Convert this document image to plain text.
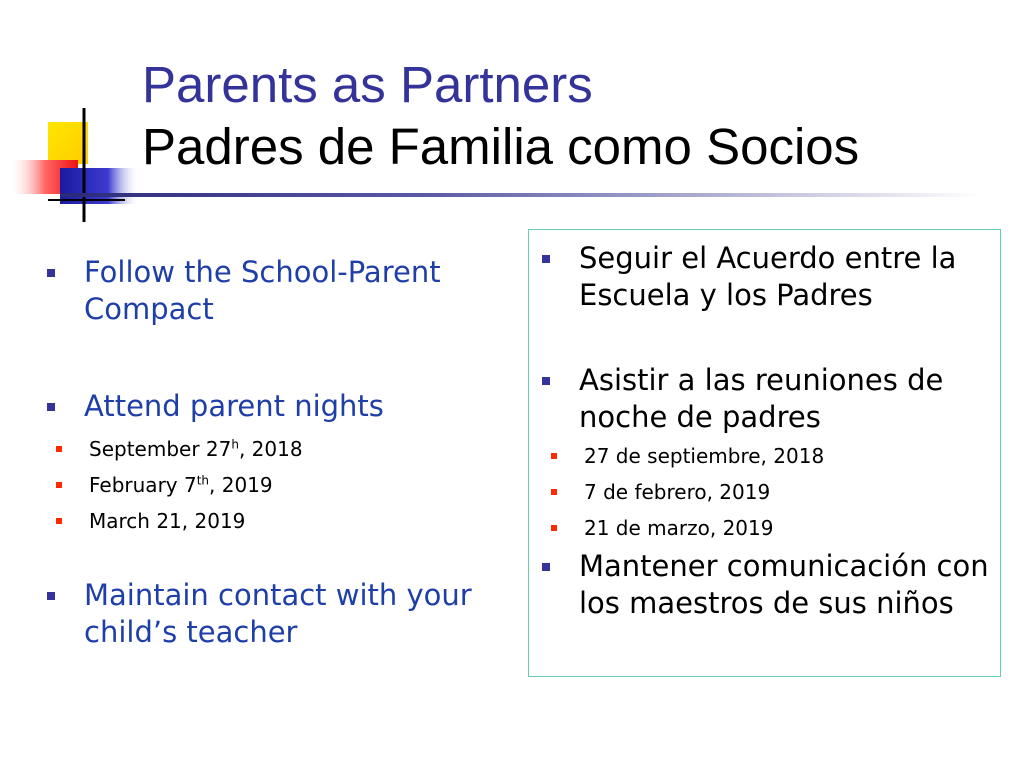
Parents as Partners
Padres de Familia como Socios
Follow the School-Parent Compact
Attend parent nights
September 27$^h$, 2018
February 7th, 2019
March 21, 2019
Maintain contact with your child’s teacher
Seguir el Acuerdo entre la Escuela y los Padres
Asistir a las reuniones de noche de padres
27 de septiembre, 2018
7 de febrero, 2019
21 de marzo, 2019
Mantener comunicación con los maestros de sus niños
